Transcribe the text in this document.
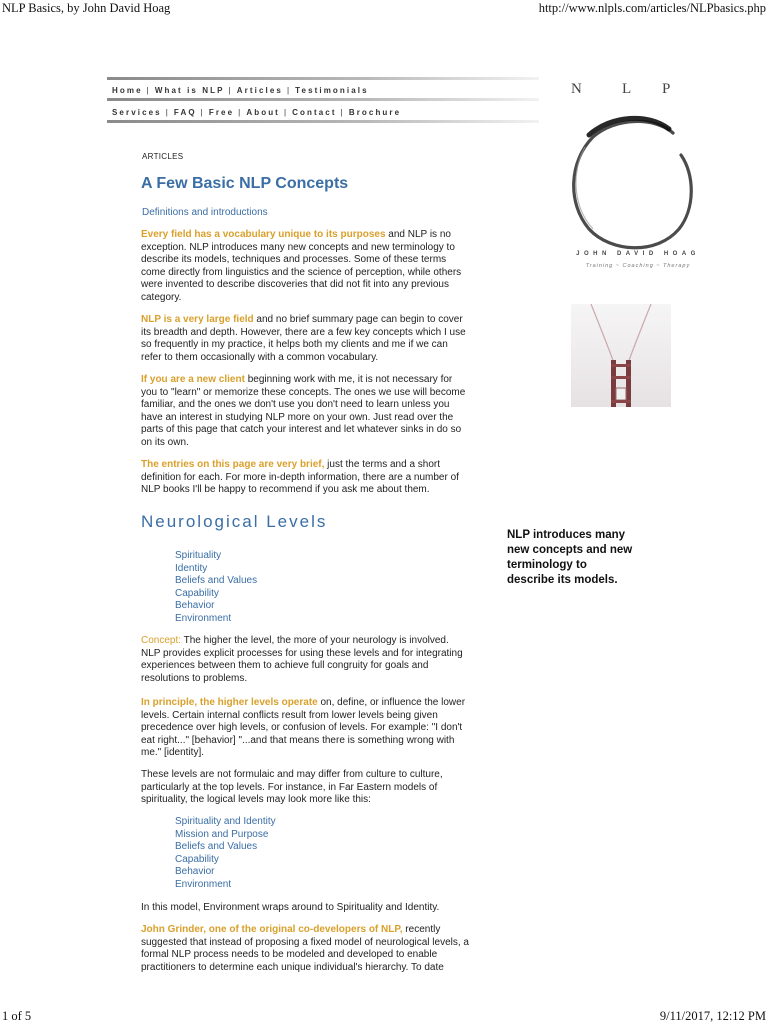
NLP Basics, by John David Hoag	http://www.nlpls.com/articles/NLPbasics.php
Home | What is NLP | Articles | Testimonials
Services | FAQ | Free | About | Contact | Brochure
ARTICLES
A Few Basic NLP Concepts
Definitions and introductions

Every field has a vocabulary unique to its purposes and NLP is no exception. NLP introduces many new concepts and new terminology to describe its models, techniques and processes. Some of these terms come directly from linguistics and the science of perception, while others were invented to describe discoveries that did not fit into any previous category.

NLP is a very large field and no brief summary page can begin to cover its breadth and depth. However, there are a few key concepts which I use so frequently in my practice, it helps both my clients and me if we can refer to them occasionally with a common vocabulary.

If you are a new client beginning work with me, it is not necessary for you to "learn" or memorize these concepts. The ones we use will become familiar, and the ones we don't use you don't need to learn unless you have an interest in studying NLP more on your own. Just read over the parts of this page that catch your interest and let whatever sinks in do so on its own.

The entries on this page are very brief, just the terms and a short definition for each. For more in-depth information, there are a number of NLP books I'll be happy to recommend if you ask me about them.

Neurological Levels
Spirituality
Identity
Beliefs and Values
Capability
Behavior
Environment

Concept: The higher the level, the more of your neurology is involved. NLP provides explicit processes for using these levels and for integrating experiences between them to achieve full congruity for goals and resolutions to problems.

In principle, the higher levels operate on, define, or influence the lower levels. Certain internal conflicts result from lower levels being given precedence over high levels, or confusion of levels. For example: "I don't eat right..." [behavior] "...and that means there is something wrong with me." [identity].

These levels are not formulaic and may differ from culture to culture, particularly at the top levels. For instance, in Far Eastern models of spirituality, the logical levels may look more like this:

Spirituality and Identity
Mission and Purpose
Beliefs and Values
Capability
Behavior
Environment

In this model, Environment wraps around to Spirituality and Identity.

John Grinder, one of the original co-developers of NLP, recently suggested that instead of proposing a fixed model of neurological levels, a formal NLP process needs to be modeled and developed to enable practitioners to determine each unique individual's hierarchy. To date

N	L P
JOHN DAVID HOAG
Training ~ Coaching ~ Therapy

NLP introduces many new concepts and new terminology to describe its models.

1 of 5	9/11/2017, 12:12 PM
